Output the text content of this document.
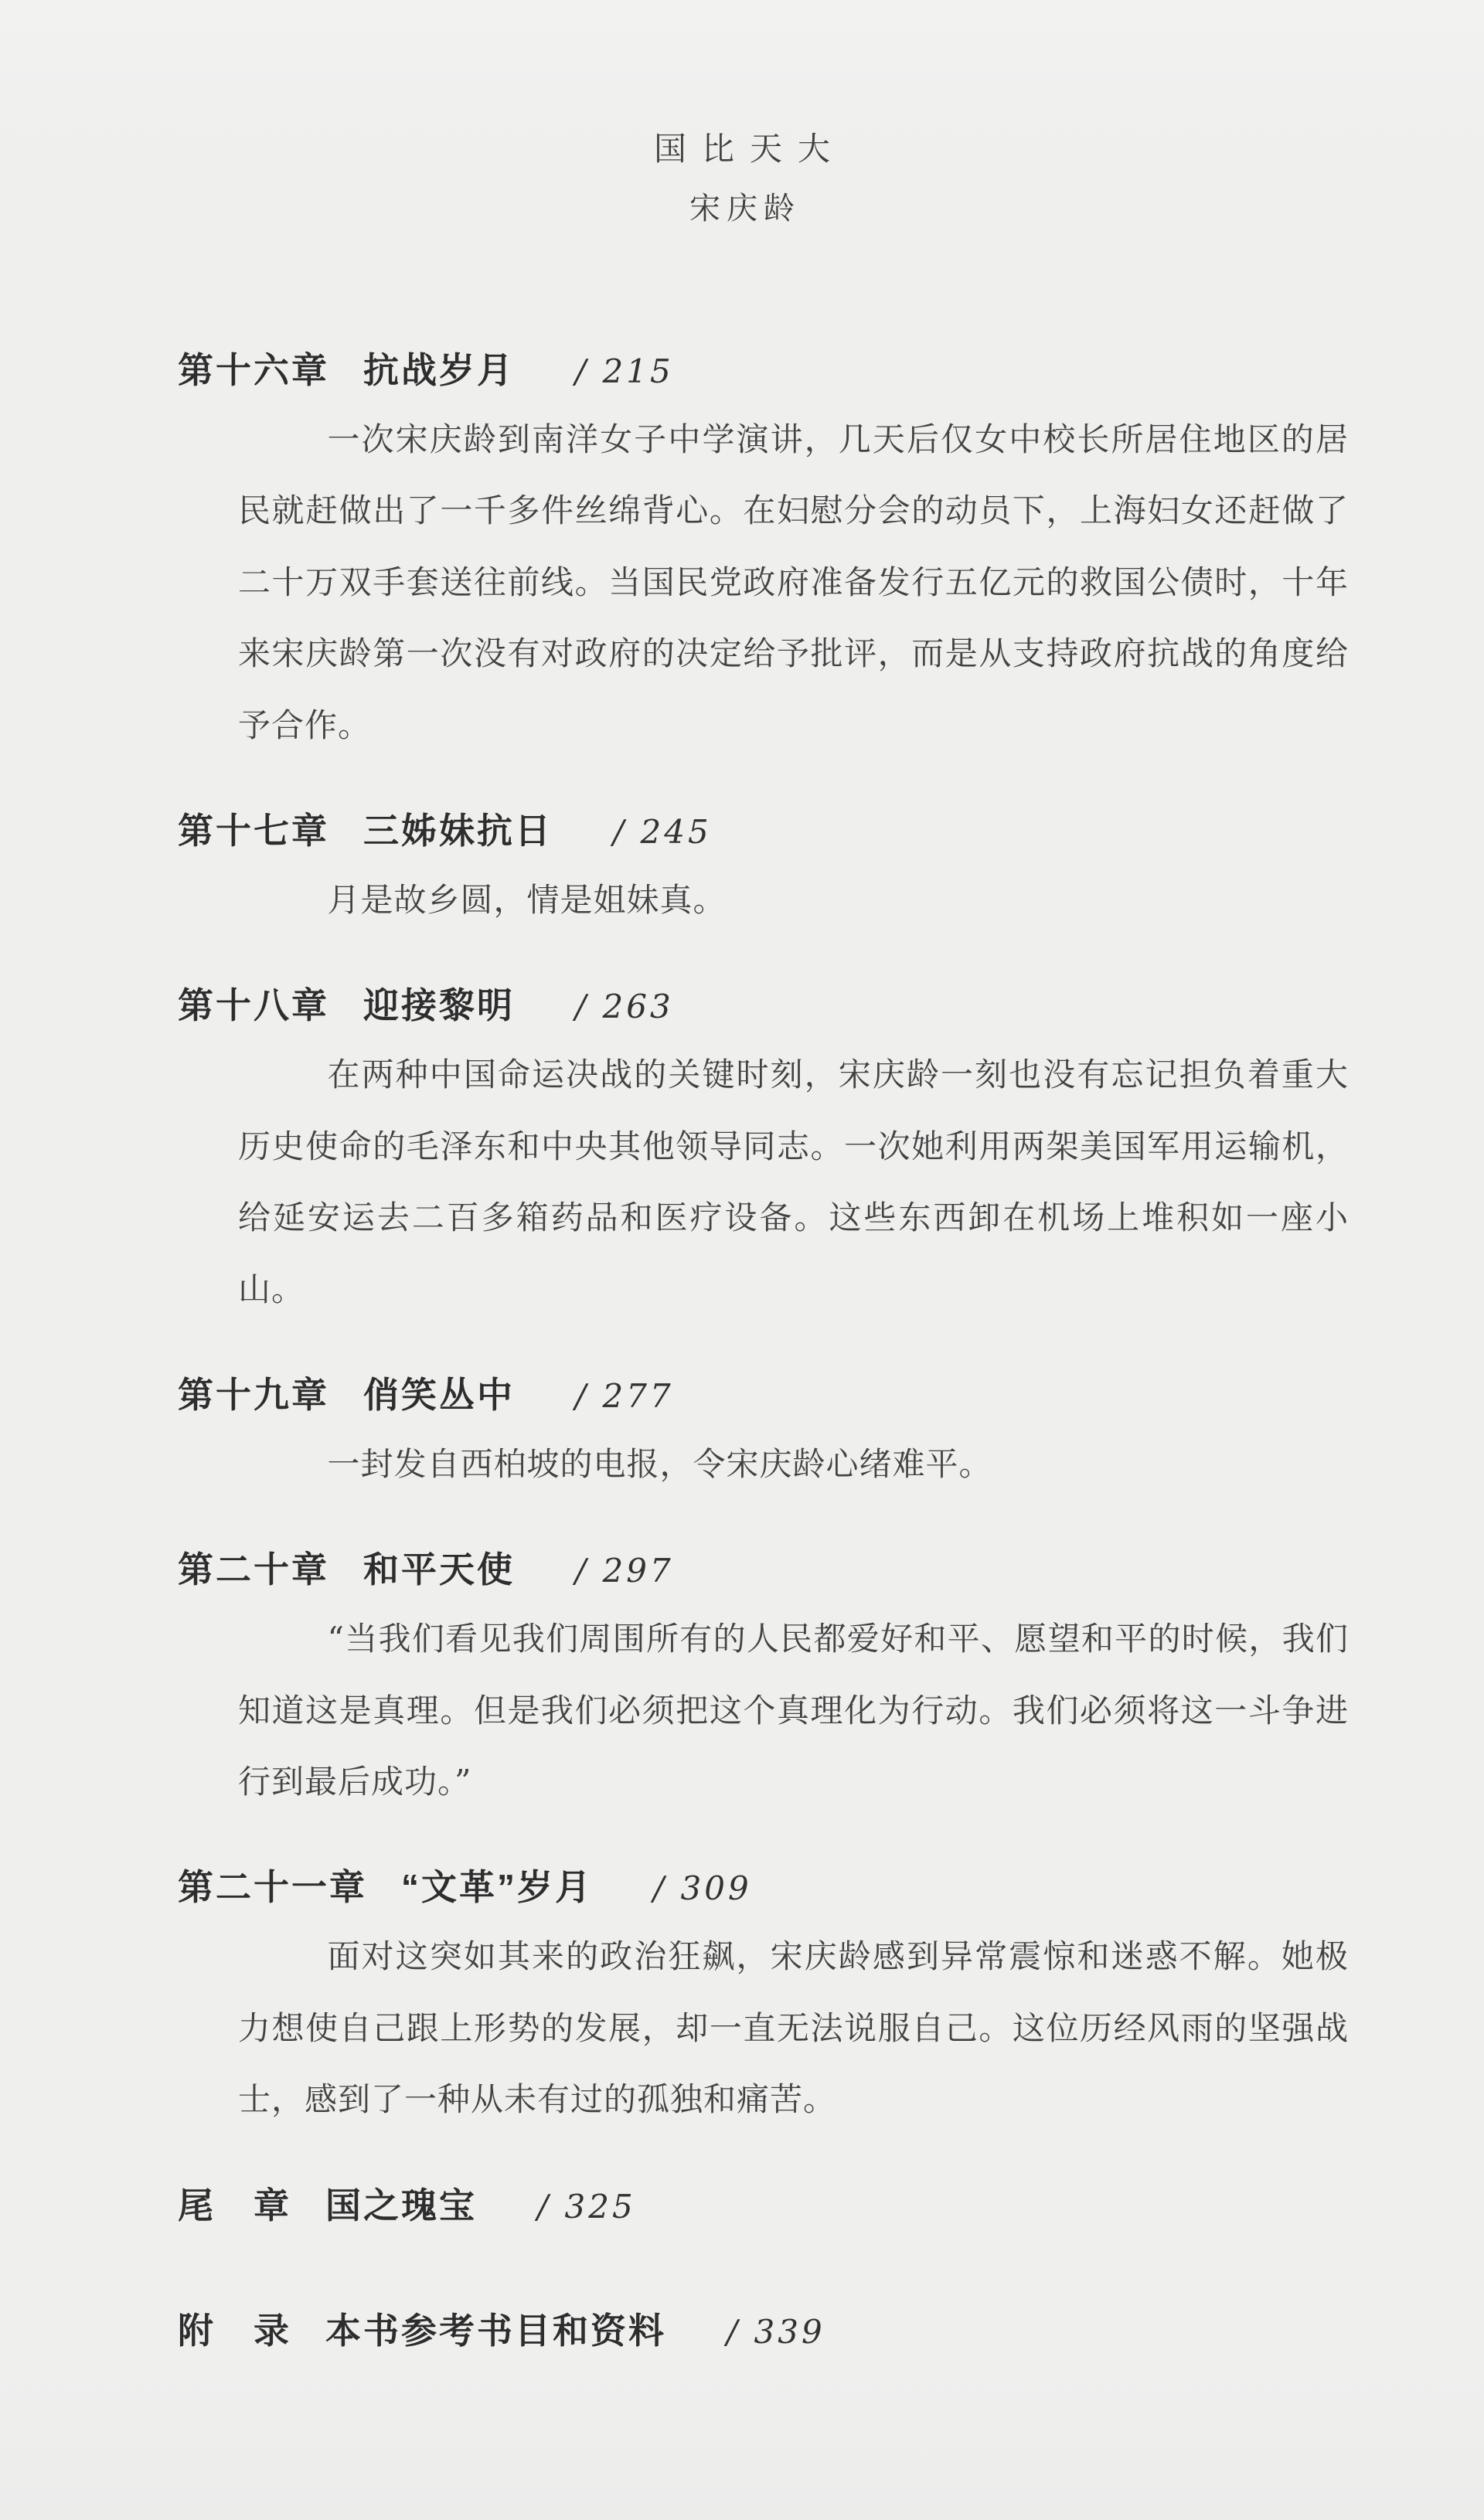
国比天大

宋庆龄

第十六章 抗战岁月 / 215

一次宋庆龄到南洋女子中学演讲，几天后仅女中校长所居住地区的居民就赶做出了一千多件丝绵背心。在妇慰分会的动员下，上海妇女还赶做了二十万双手套送往前线。当国民党政府准备发行五亿元的救国公债时，十年来宋庆龄第一次没有对政府的决定给予批评，而是从支持政府抗战的角度给予合作。

第十七章 三姊妹抗日 / 245

月是故乡圆，情是姐妹真。

第十八章 迎接黎明 / 263

在两种中国命运决战的关键时刻，宋庆龄一刻也没有忘记担负着重大历史使命的毛泽东和中央其他领导同志。一次她利用两架美国军用运输机，给延安运去二百多箱药品和医疗设备。这些东西卸在机场上堆积如一座小山。

第十九章 俏笑丛中 / 277

一封发自西柏坡的电报，令宋庆龄心绪难平。

第二十章 和平天使 / 297

“当我们看见我们周围所有的人民都爱好和平、愿望和平的时候，我们知道这是真理。但是我们必须把这个真理化为行动。我们必须将这一斗争进行到最后成功。”

第二十一章 “文革”岁月 / 309

面对这突如其来的政治狂飙，宋庆龄感到异常震惊和迷惑不解。她极力想使自己跟上形势的发展，却一直无法说服自己。这位历经风雨的坚强战士，感到了一种从未有过的孤独和痛苦。

尾　章 国之瑰宝 / 325
附　录 本书参考书目和资料 / 339
